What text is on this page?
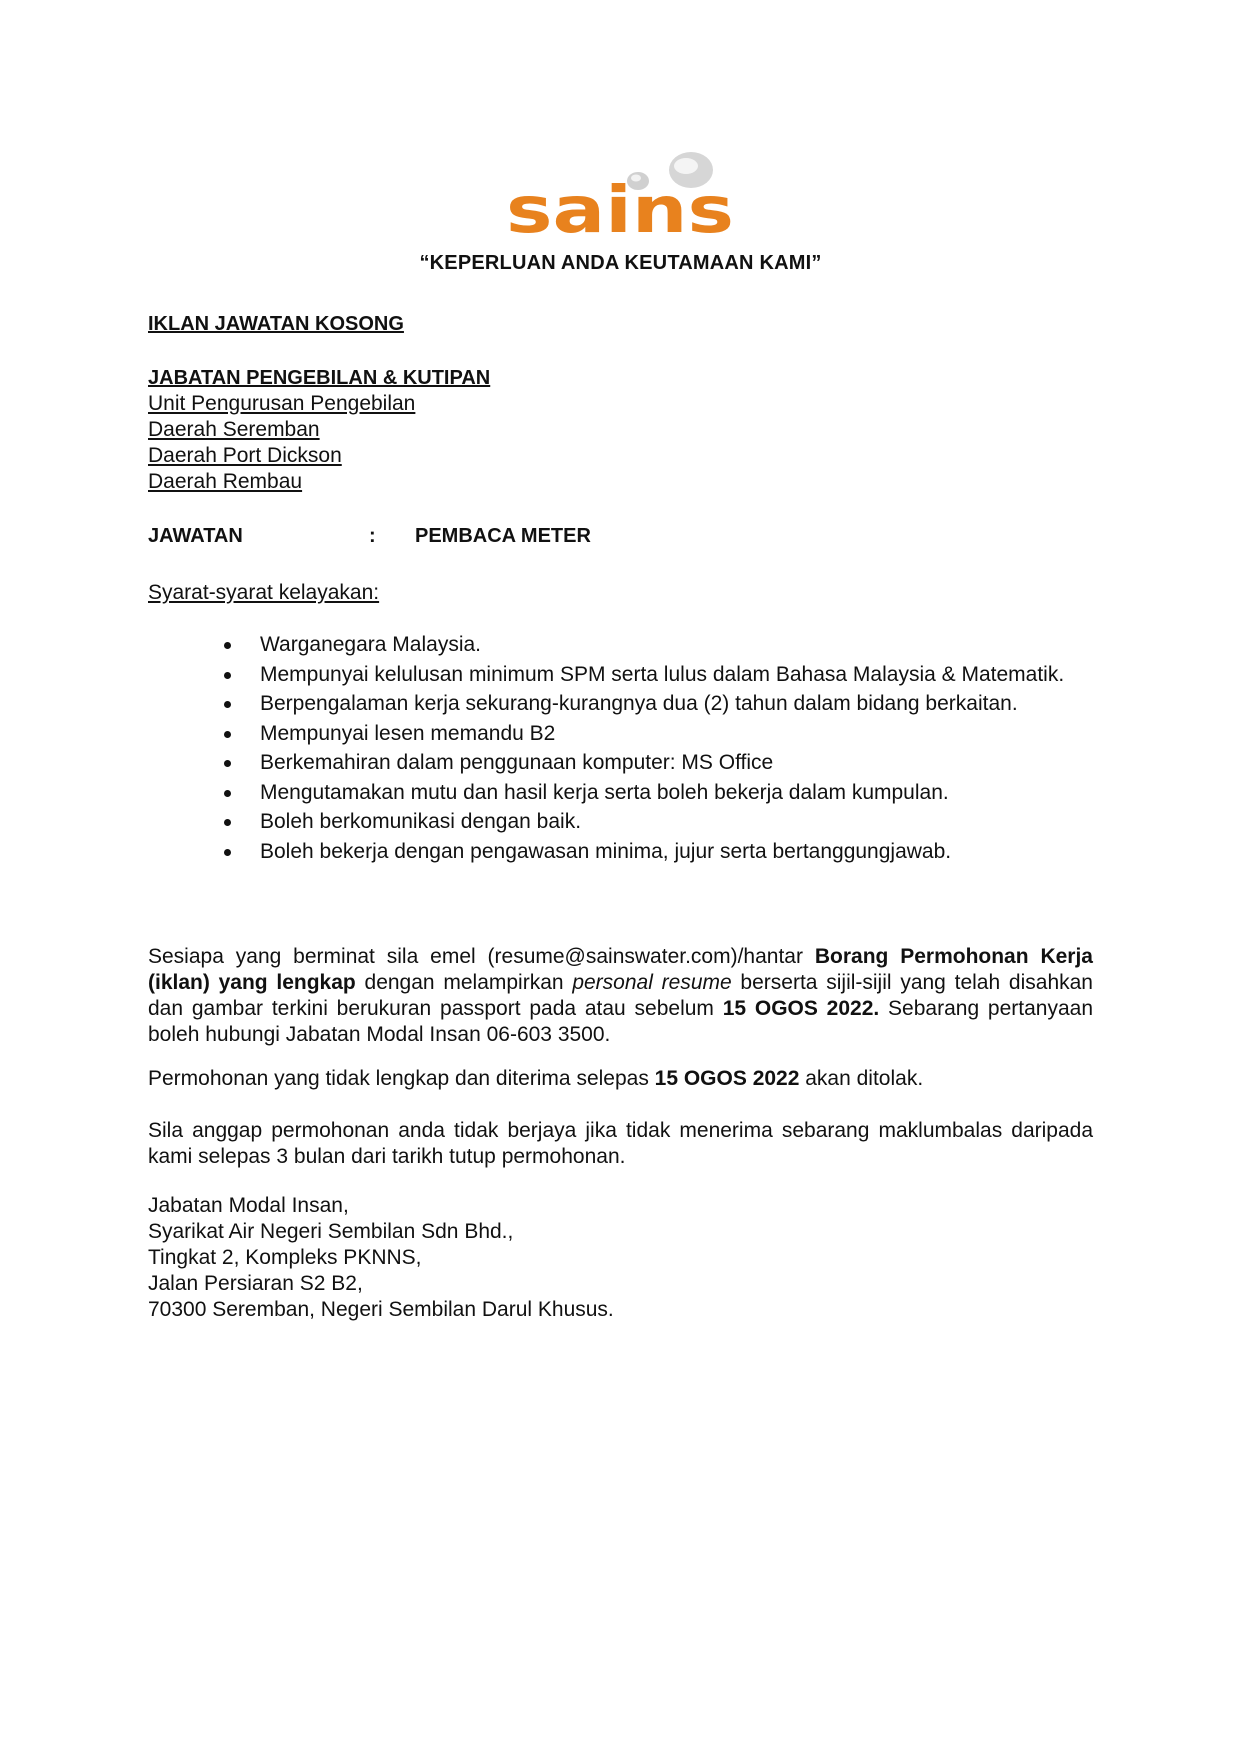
sains
“KEPERLUAN ANDA KEUTAMAAN KAMI”
IKLAN JAWATAN KOSONG
JABATAN PENGEBILAN & KUTIPAN
Unit Pengurusan Pengebilan
Daerah Seremban
Daerah Port Dickson
Daerah Rembau
JAWATAN	: PEMBACA METER
Syarat-syarat kelayakan:
Warganegara Malaysia.
Mempunyai kelulusan minimum SPM serta lulus dalam Bahasa Malaysia & Matematik.
Berpengalaman kerja sekurang-kurangnya dua (2) tahun dalam bidang berkaitan.
Mempunyai lesen memandu B2
Berkemahiran dalam penggunaan komputer: MS Office
Mengutamakan mutu dan hasil kerja serta boleh bekerja dalam kumpulan.
Boleh berkomunikasi dengan baik.
Boleh bekerja dengan pengawasan minima, jujur serta bertanggungjawab.
Sesiapa yang berminat sila emel (resume@sainswater.com)/hantar Borang Permohonan Kerja (iklan) yang lengkap dengan melampirkan personal resume berserta sijil-sijil yang telah disahkan dan gambar terkini berukuran passport pada atau sebelum 15 OGOS 2022. Sebarang pertanyaan boleh hubungi Jabatan Modal Insan 06-603 3500.
Permohonan yang tidak lengkap dan diterima selepas 15 OGOS 2022 akan ditolak.
Sila anggap permohonan anda tidak berjaya jika tidak menerima sebarang maklumbalas daripada kami selepas 3 bulan dari tarikh tutup permohonan.
Jabatan Modal Insan,
Syarikat Air Negeri Sembilan Sdn Bhd.,
Tingkat 2, Kompleks PKNNS,
Jalan Persiaran S2 B2,
70300 Seremban, Negeri Sembilan Darul Khusus.
